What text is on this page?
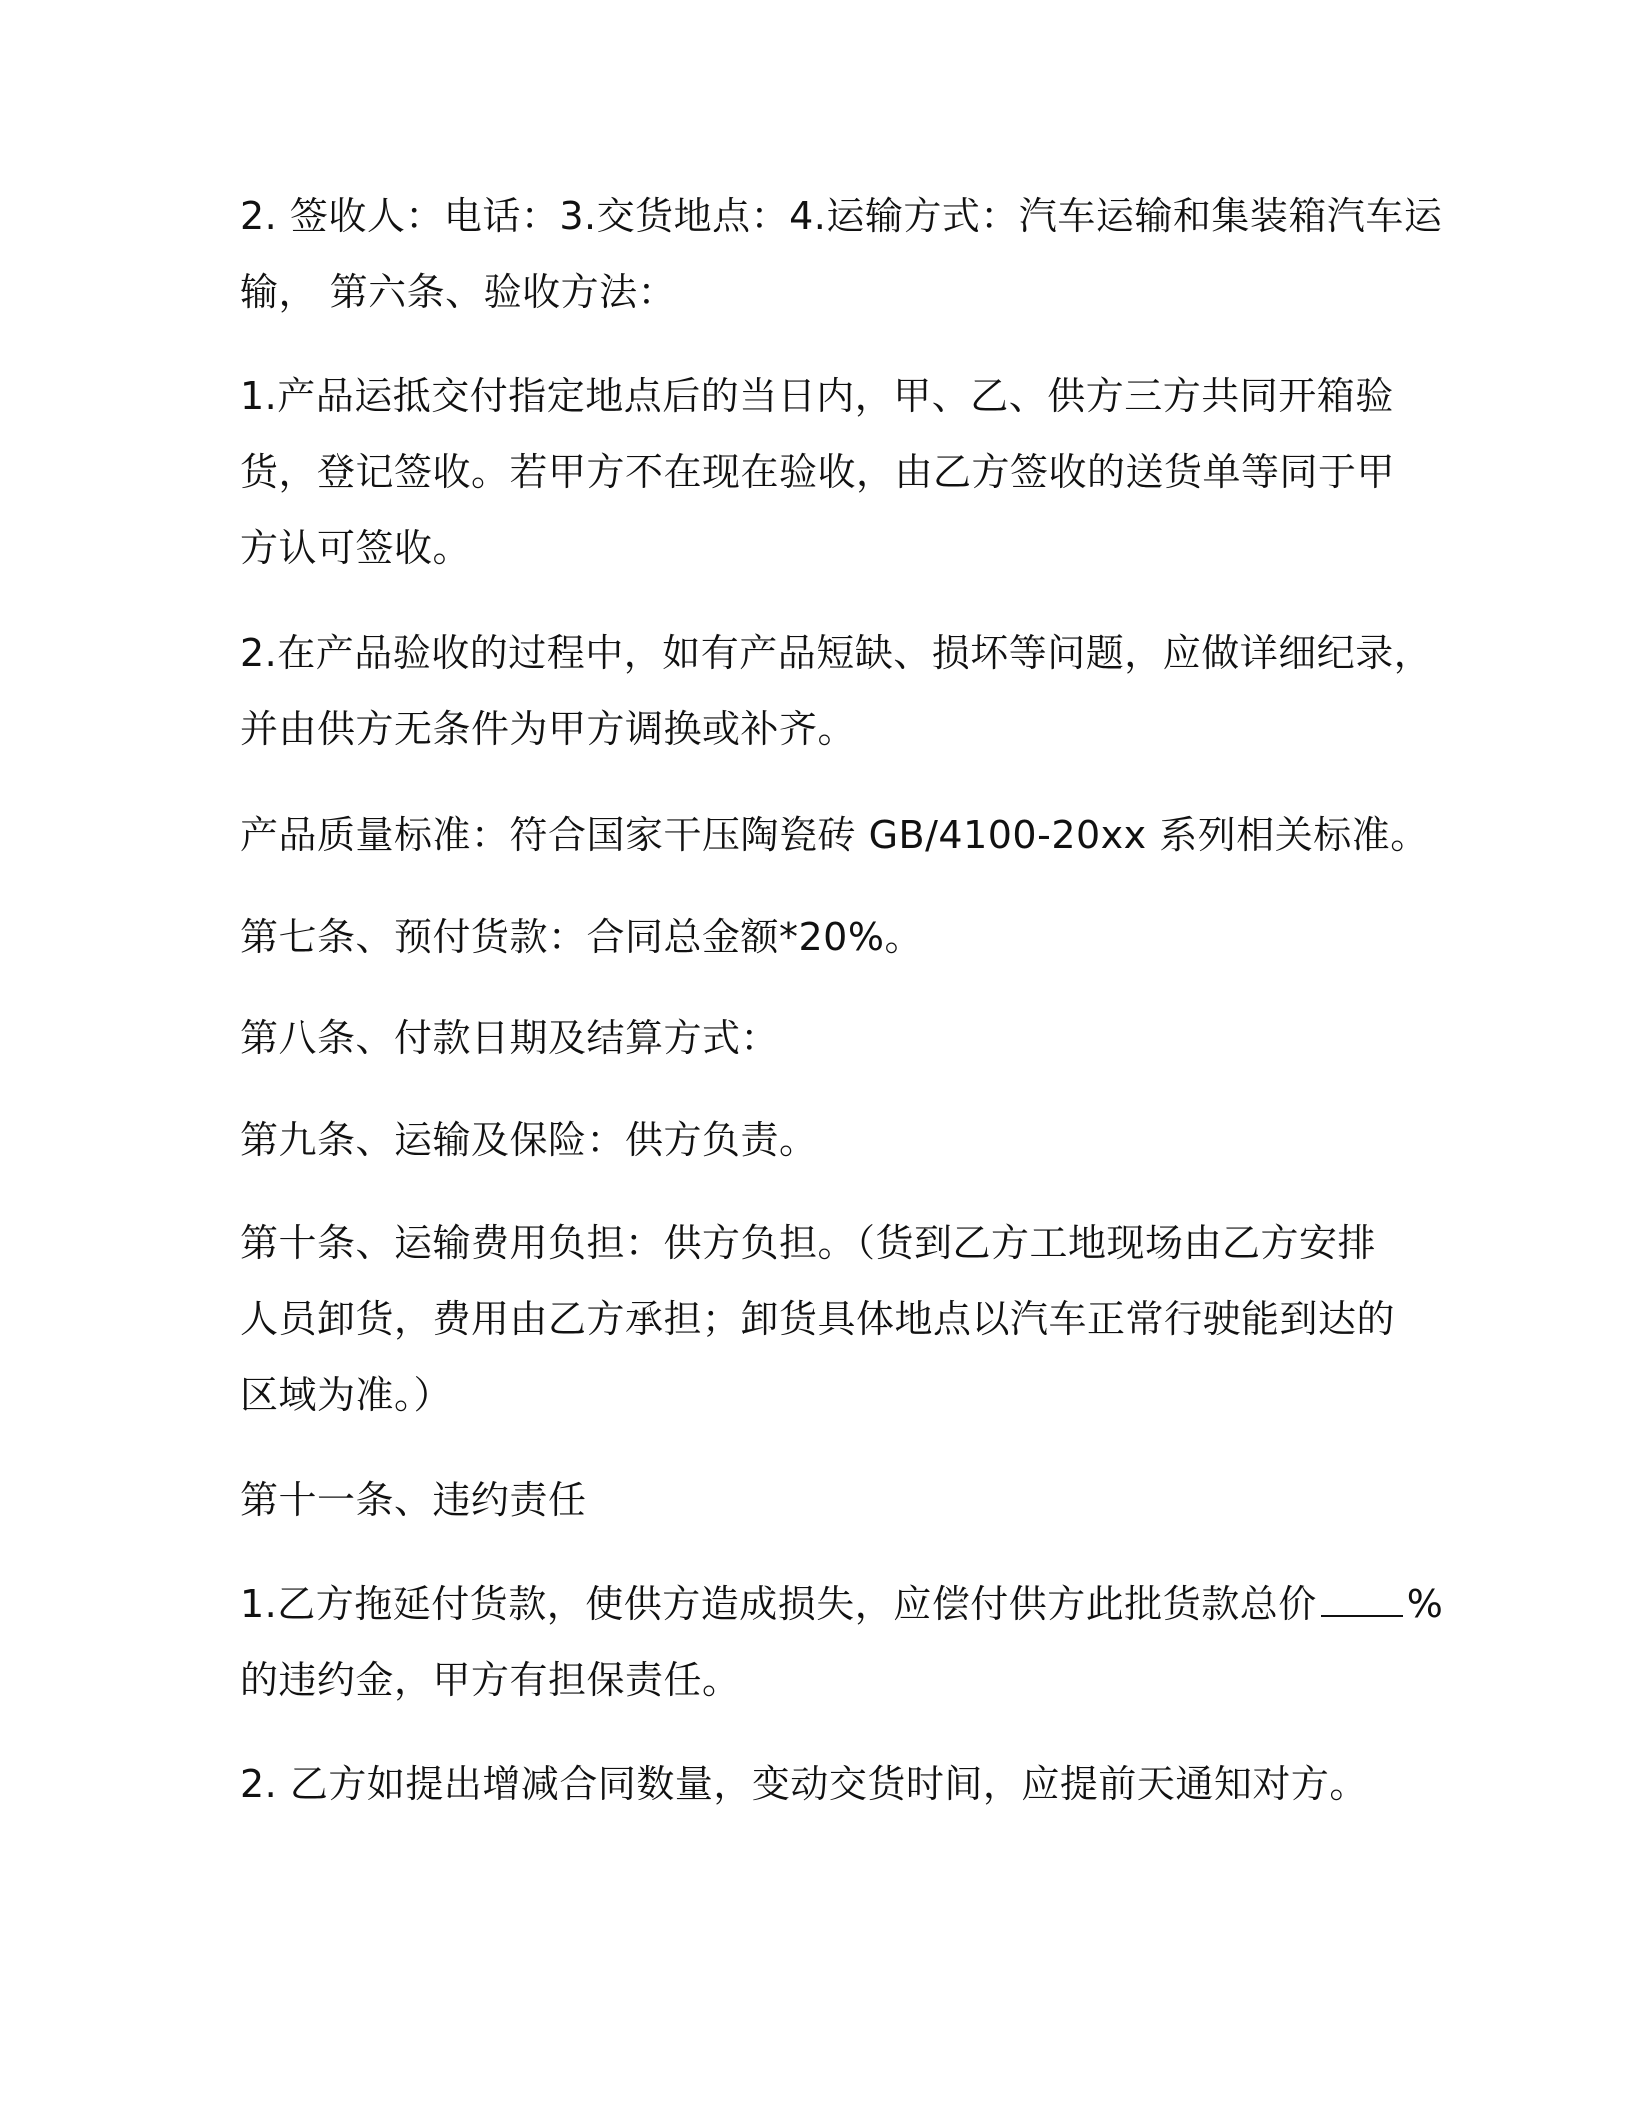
2. 签收人：电话：3.交货地点：4.运输方式：汽车运输和集装箱汽车运
输， 第六条、验收方法：
1.产品运抵交付指定地点后的当日内，甲、乙、供方三方共同开箱验
货，登记签收。若甲方不在现在验收，由乙方签收的送货单等同于甲
方认可签收。
2.在产品验收的过程中，如有产品短缺、损坏等问题，应做详细纪录，
并由供方无条件为甲方调换或补齐。
产品质量标准：符合国家干压陶瓷砖 GB/4100-20xx 系列相关标准。
第七条、预付货款：合同总金额*20%。
第八条、付款日期及结算方式：
第九条、运输及保险：供方负责。
第十条、运输费用负担：供方负担。（货到乙方工地现场由乙方安排
人员卸货，费用由乙方承担；卸货具体地点以汽车正常行驶能到达的
区域为准。）
第十一条、违约责任
1.乙方拖延付货款，使供方造成损失，应偿付供方此批货款总价 %
的违约金，甲方有担保责任。
2. 乙方如提出增减合同数量，变动交货时间，应提前天通知对方。
